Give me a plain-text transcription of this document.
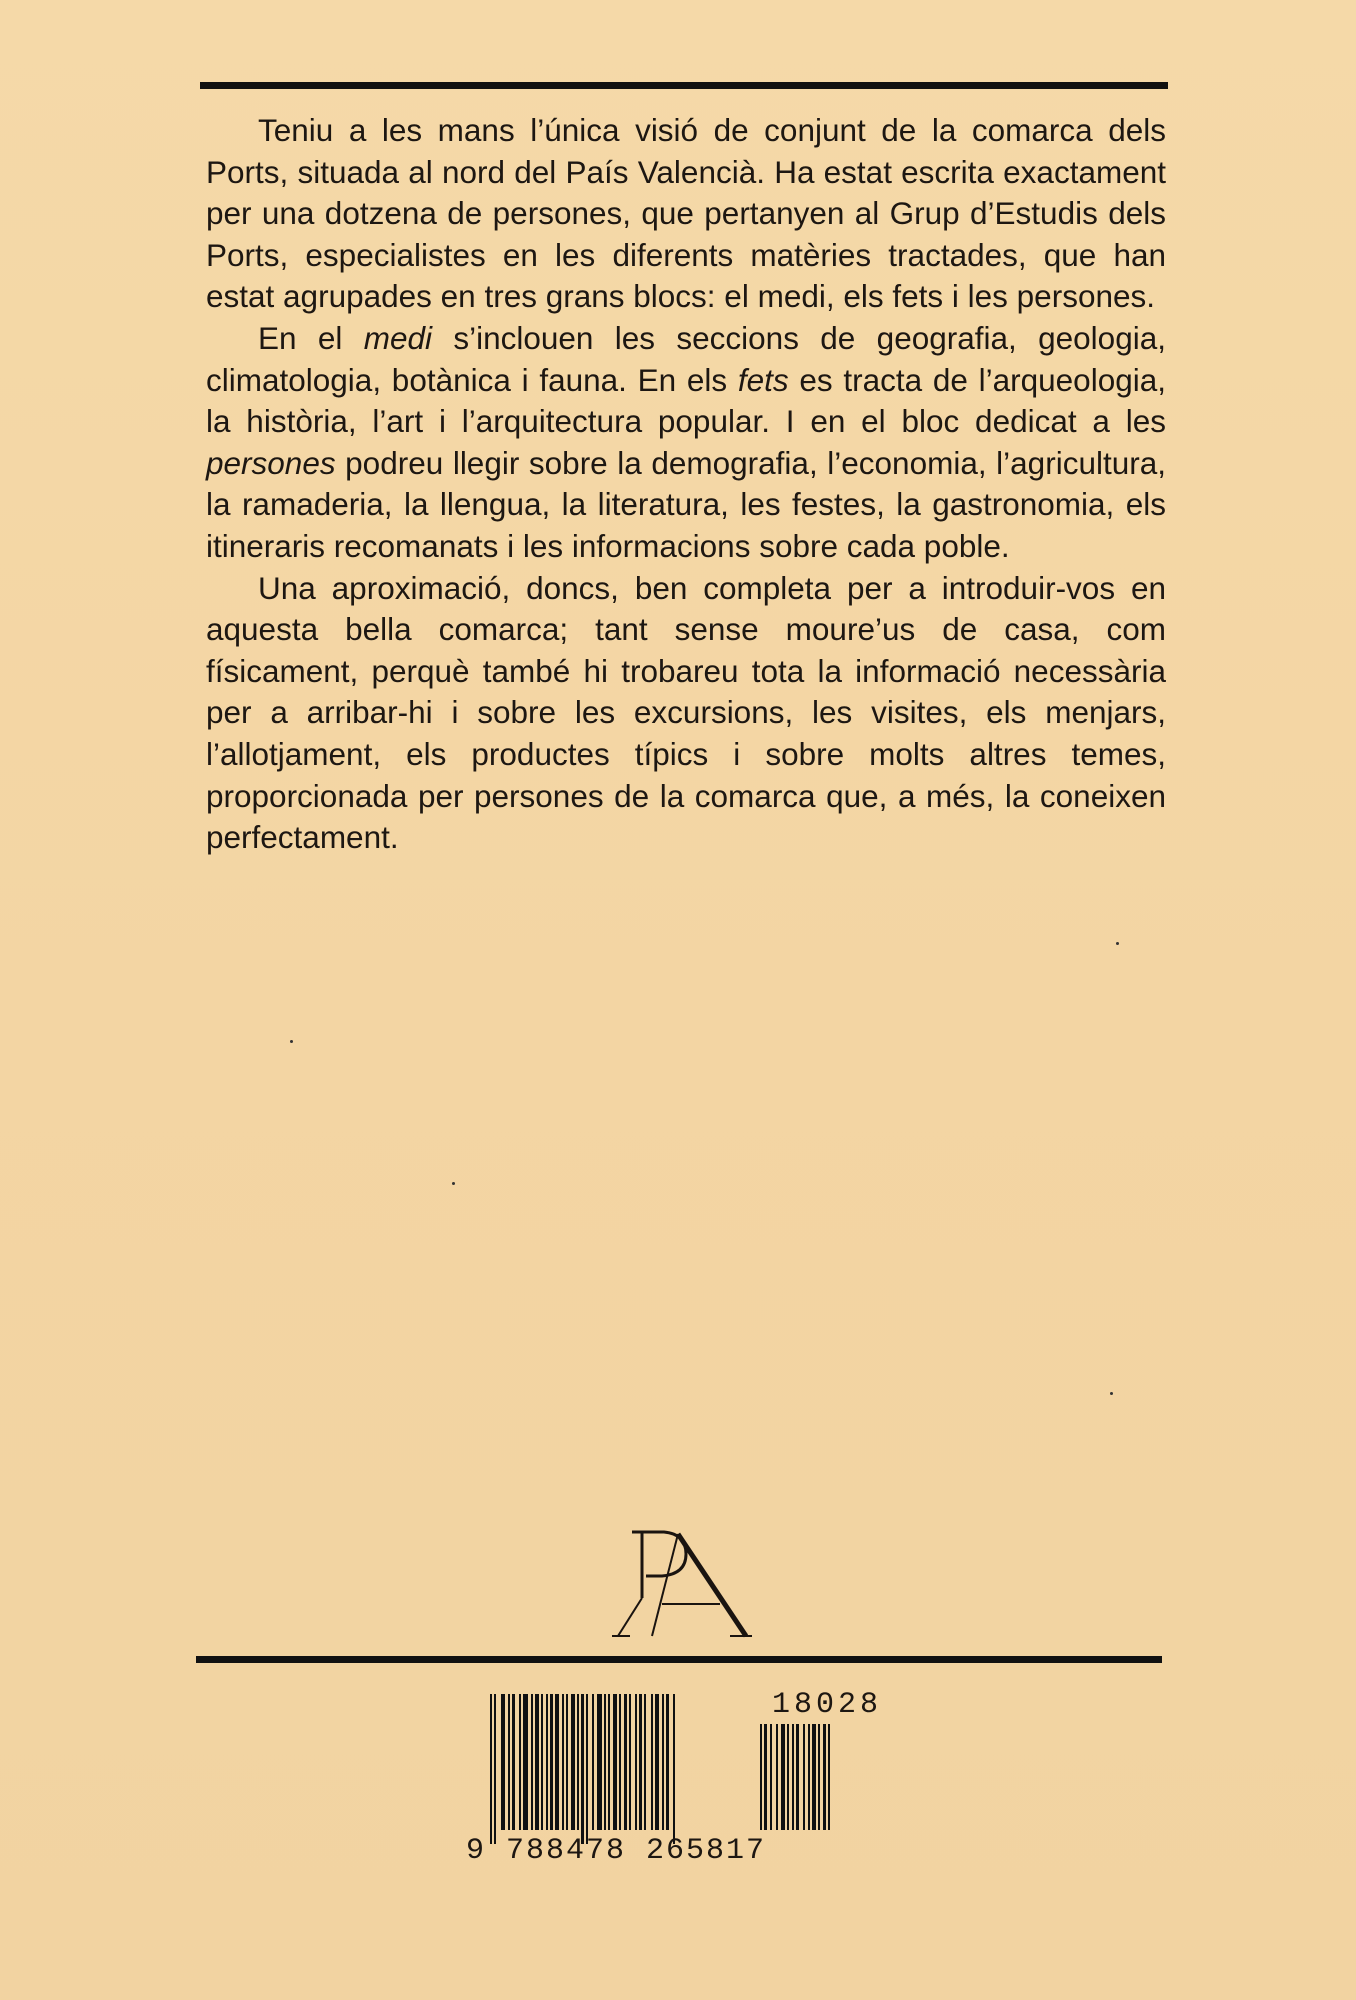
Teniu a les mans l’única visió de conjunt de la comarca dels Ports, situada al nord del País Valencià. Ha estat escrita exactament per una dotzena de persones, que pertanyen al Grup d’Estudis dels Ports, especialistes en les diferents matèries tractades, que han estat agrupades en tres grans blocs: el medi, els fets i les persones.

En el medi s’inclouen les seccions de geografia, geologia, climatologia, botànica i fauna. En els fets es tracta de l’arqueologia, la història, l’art i l’arquitectura popular. I en el bloc dedicat a les persones podreu llegir sobre la demografia, l’economia, l’agricultura, la ramaderia, la llengua, la literatura, les festes, la gastronomia, els itineraris recomanats i les informacions sobre cada poble.

Una aproximació, doncs, ben completa per a introduir-vos en aquesta bella comarca; tant sense moure’us de casa, com físicament, perquè també hi trobareu tota la informació necessària per a arribar-hi i sobre les excursions, les visites, els menjars, l’allotjament, els productes típics i sobre molts altres temes, proporcionada per persones de la comarca que, a més, la coneixen perfectament.

18028
9 788478 265817
